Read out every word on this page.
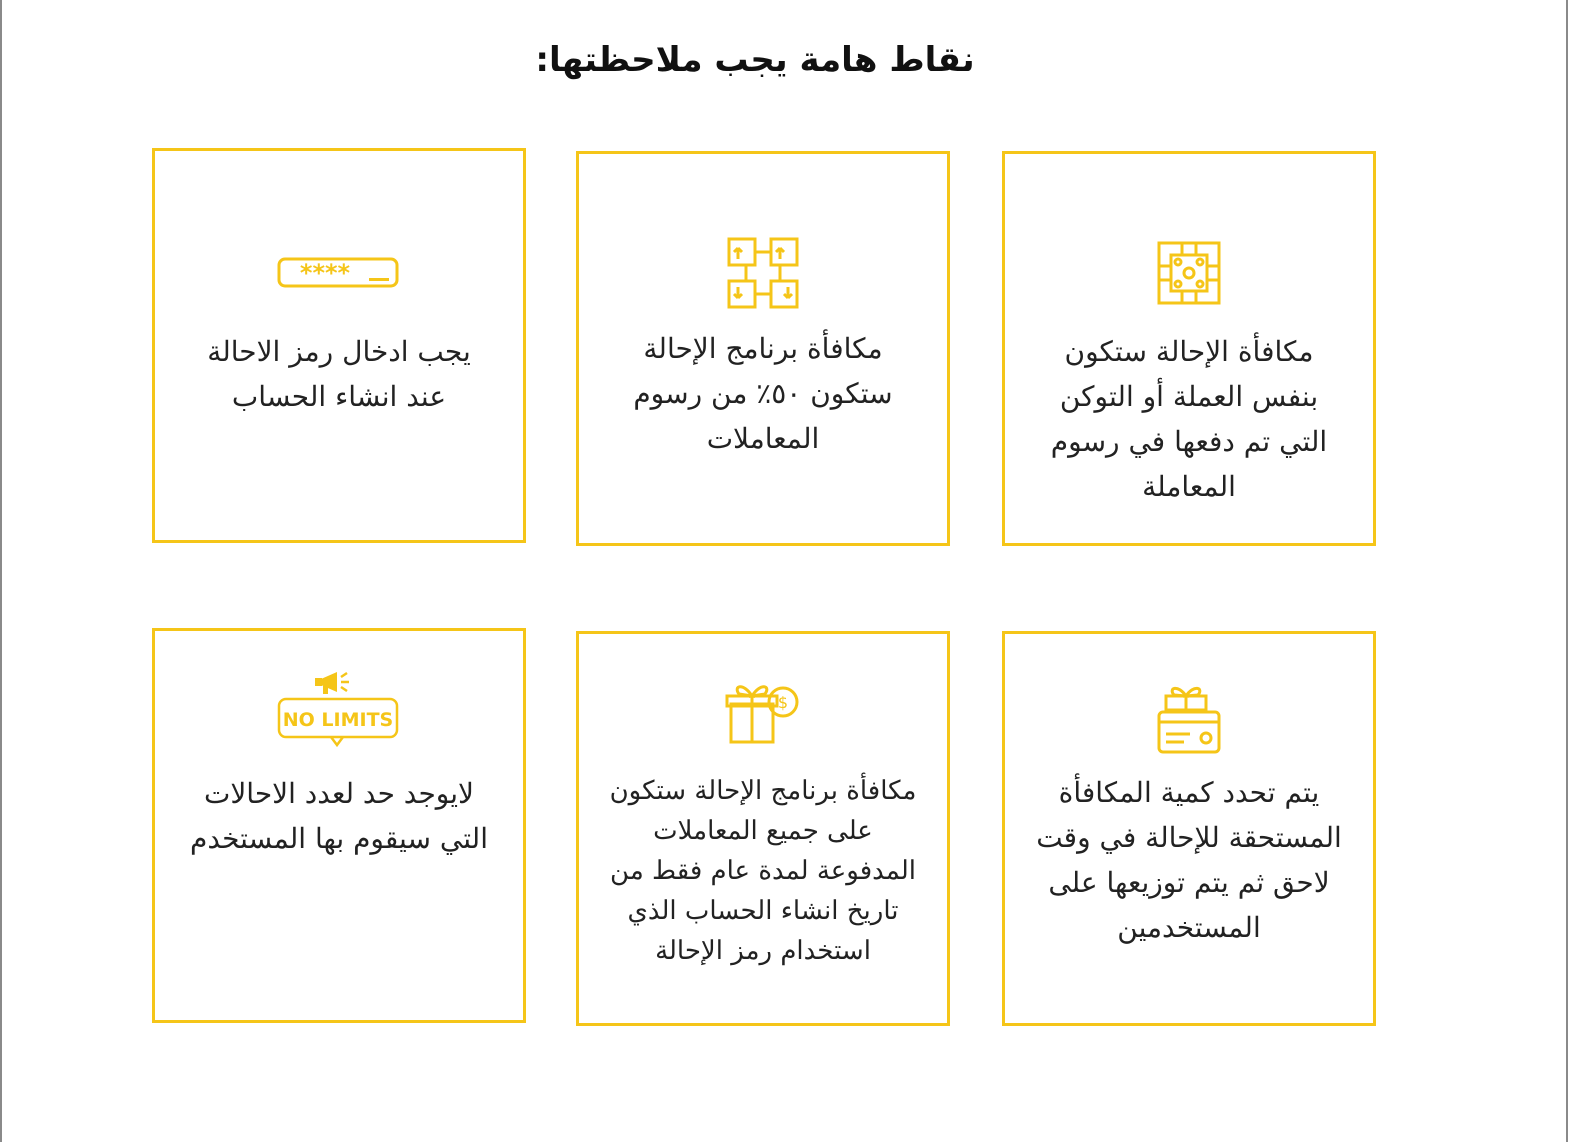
نقاط هامة يجب ملاحظتها:
****
يجب ادخال رمز الاحالة عند انشاء الحساب
مكافأة برنامج الإحالة ستكون ٥٠٪ من رسوم المعاملات
مكافأة الإحالة ستكون بنفس العملة أو التوكن التي تم دفعها في رسوم المعاملة
NO LIMITS
لايوجد حد لعدد الاحالات التي سيقوم بها المستخدم
$
مكافأة برنامج الإحالة ستكون على جميع المعاملات المدفوعة لمدة عام فقط من تاريخ انشاء الحساب الذي استخدام رمز الإحالة
يتم تحدد كمية المكافأة المستحقة للإحالة في وقت لاحق ثم يتم توزيعها على المستخدمين
